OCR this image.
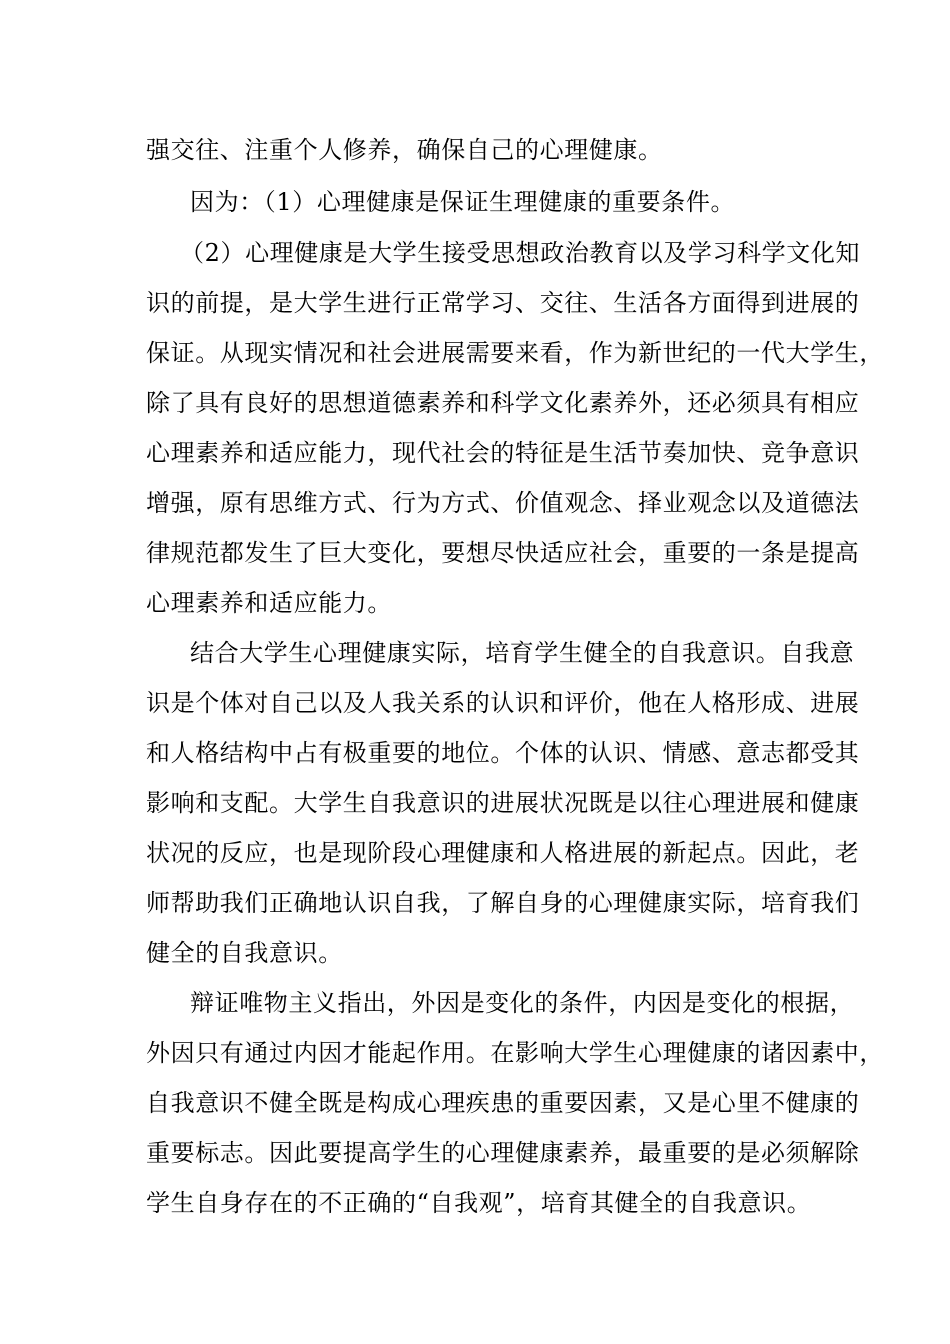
强交往、注重个人修养，确保自己的心理健康。
因为：（1）心理健康是保证生理健康的重要条件。
（2）心理健康是大学生接受思想政治教育以及学习科学文化知
识的前提，是大学生进行正常学习、交往、生活各方面得到进展的
保证。从现实情况和社会进展需要来看，作为新世纪的一代大学生，
除了具有良好的思想道德素养和科学文化素养外，还必须具有相应
心理素养和适应能力，现代社会的特征是生活节奏加快、竞争意识
增强，原有思维方式、行为方式、价值观念、择业观念以及道德法
律规范都发生了巨大变化，要想尽快适应社会，重要的一条是提高
心理素养和适应能力。
结合大学生心理健康实际，培育学生健全的自我意识。自我意
识是个体对自己以及人我关系的认识和评价，他在人格形成、进展
和人格结构中占有极重要的地位。个体的认识、情感、意志都受其
影响和支配。大学生自我意识的进展状况既是以往心理进展和健康
状况的反应，也是现阶段心理健康和人格进展的新起点。因此，老
师帮助我们正确地认识自我，了解自身的心理健康实际，培育我们
健全的自我意识。
辩证唯物主义指出，外因是变化的条件，内因是变化的根据，
外因只有通过内因才能起作用。在影响大学生心理健康的诸因素中，
自我意识不健全既是构成心理疾患的重要因素，又是心里不健康的
重要标志。因此要提高学生的心理健康素养，最重要的是必须解除
学生自身存在的不正确的“自我观”，培育其健全的自我意识。
